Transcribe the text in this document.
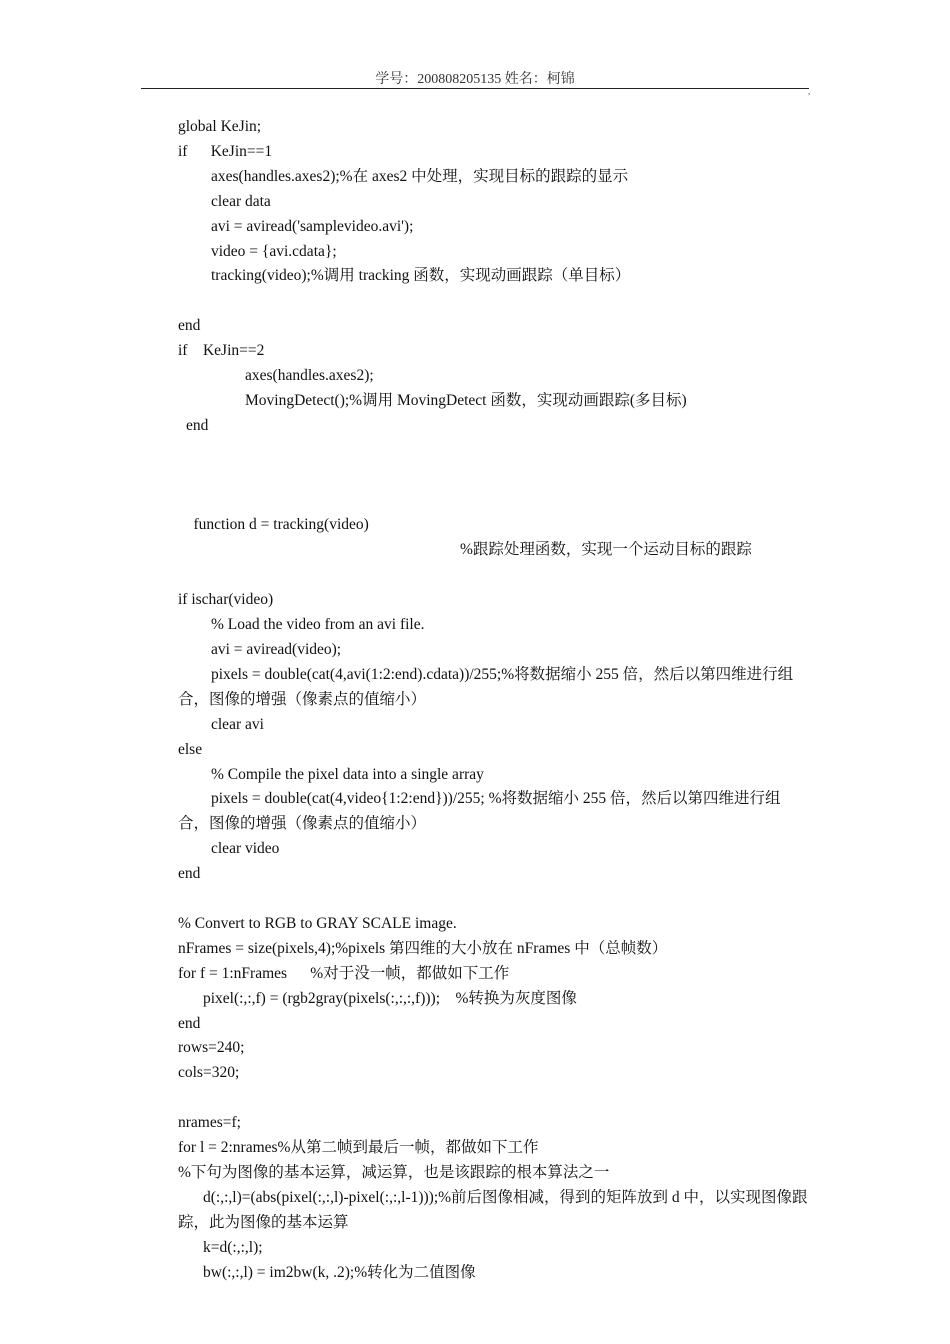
学号：200808205135 姓名：柯锦
,
global KeJin;
if      KeJin==1
axes(handles.axes2);%在 axes2 中处理，实现目标的跟踪的显示
clear data
avi = aviread('samplevideo.avi');
video = {avi.cdata};
tracking(video);%调用 tracking 函数，实现动画跟踪（单目标）
end
if    KeJin==2
axes(handles.axes2);
MovingDetect();%调用 MovingDetect 函数，实现动画跟踪(多目标)
end

function d = tracking(video)

%跟踪处理函数，实现一个运动目标的跟踪

if ischar(video)
% Load the video from an avi file.
avi = aviread(video);
pixels = double(cat(4,avi(1:2:end).cdata))/255;%将数据缩小 255 倍，然后以第四维进行组合，图像的增强（像素点的值缩小）
clear avi
else
% Compile the pixel data into a single array
pixels = double(cat(4,video{1:2:end}))/255; %将数据缩小 255 倍，然后以第四维进行组合，图像的增强（像素点的值缩小）
clear video
end
% Convert to RGB to GRAY SCALE image.
nFrames = size(pixels,4);%pixels 第四维的大小放在 nFrames 中（总帧数）
for f = 1:nFrames      %对于没一帧，都做如下工作
pixel(:,:,f) = (rgb2gray(pixels(:,:,:,f)));    %转换为灰度图像
end
rows=240;
cols=320;
nrames=f;
for l = 2:nrames%从第二帧到最后一帧，都做如下工作
%下句为图像的基本运算，减运算，也是该跟踪的根本算法之一
d(:,:,l)=(abs(pixel(:,:,l)-pixel(:,:,l-1)));%前后图像相减，得到的矩阵放到 d 中，以实现图像跟踪，此为图像的基本运算
k=d(:,:,l);
bw(:,:,l) = im2bw(k, .2);%转化为二值图像
